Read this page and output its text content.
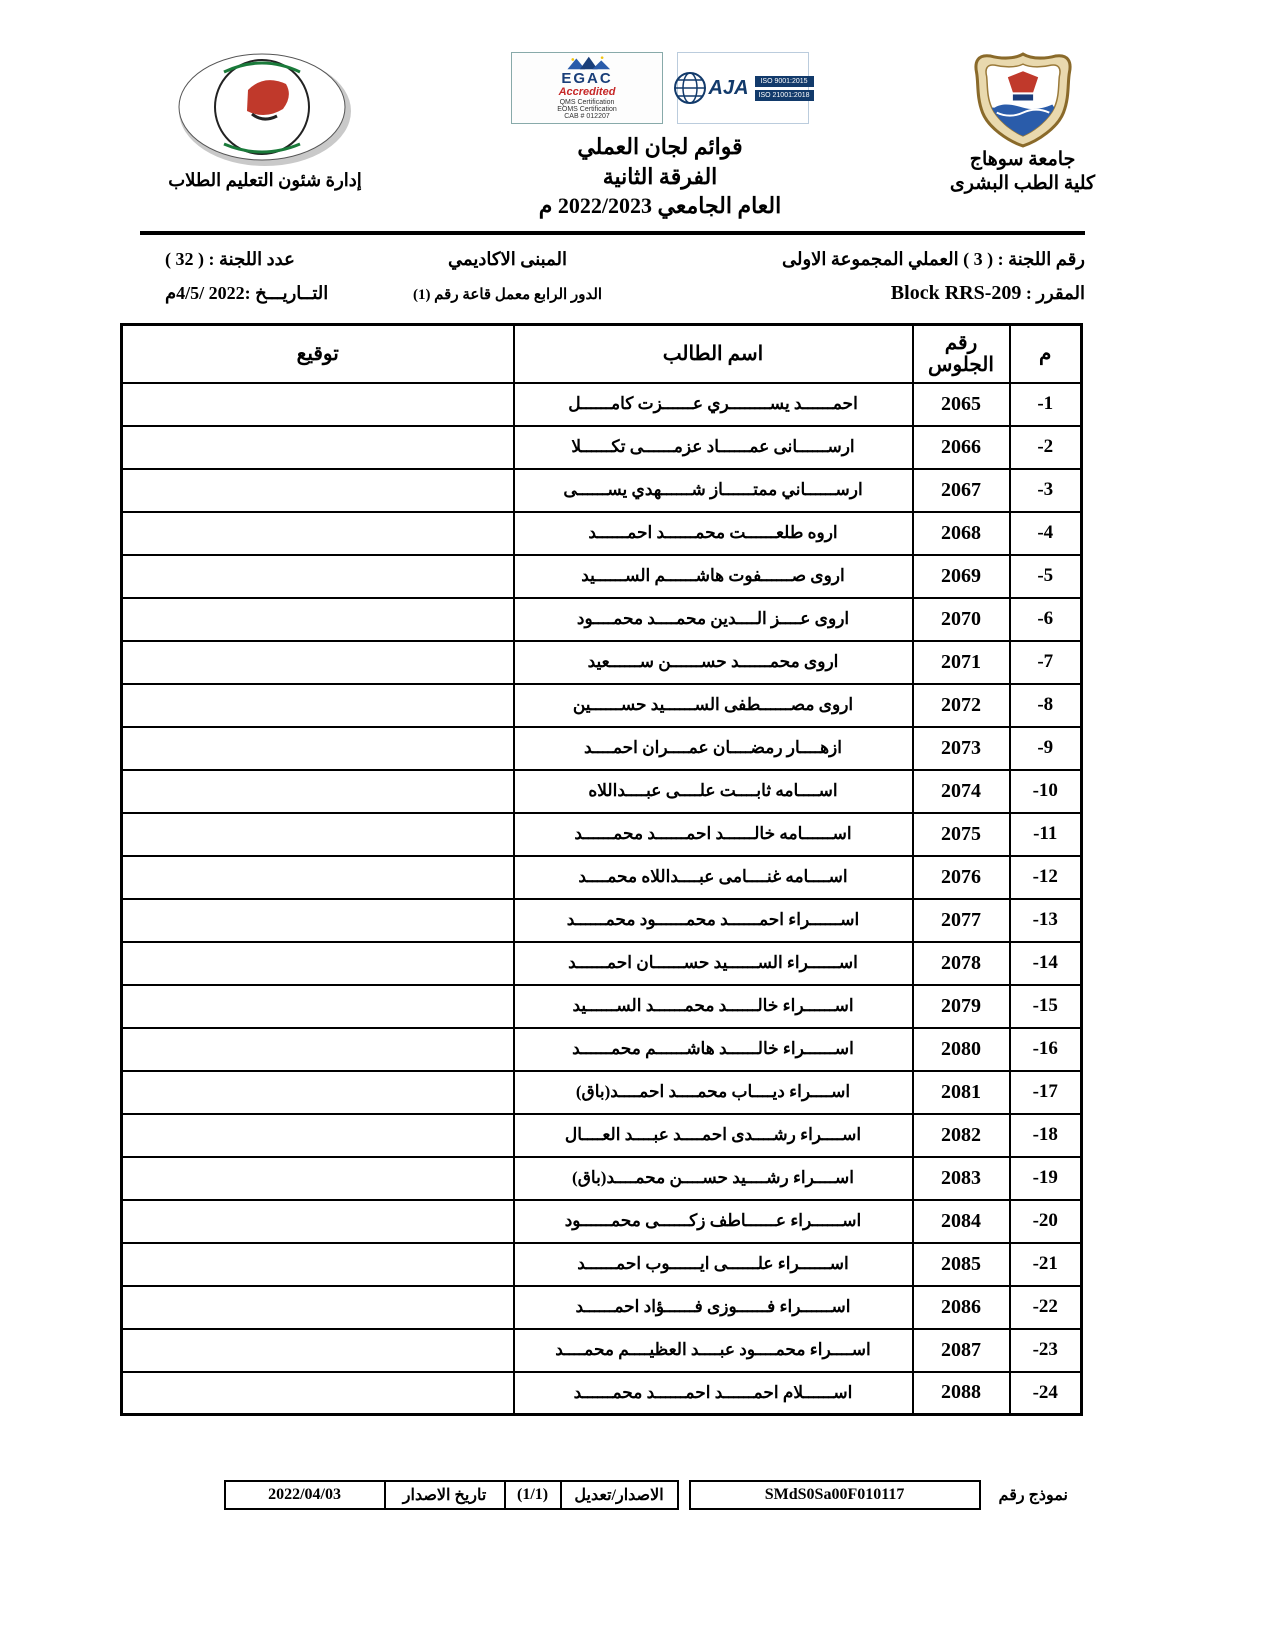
جامعة سوهاج
كلية الطب البشرى
EGAC
Accredited
QMS Certification
EOMS Certification
CAB # 012207
AJA	ISO 9001:2015
ISO 21001:2018
قوائم لجان العملي
الفرقة الثانية
العام الجامعي 2022/2023 م
إدارة شئون التعليم الطلاب
رقم اللجنة : ( 3 ) العملي المجموعة الاولى
المبنى الاكاديمي
عدد اللجنة : ( 32 )
المقرر : Block RRS-209
الدور الرابع معمل قاعة رقم (1)
التــاريـــخ :4/5/ 2022م
م	رقم الجلوس	اسم الطالب	توقيع
-1	2065	احمــــــد يســــــــري عــــــزت كامــــــل	
-2	2066	ارســــــانى عمــــــاد عزمــــــى تكــــــلا	
-3	2067	ارســــــاني ممتــــــاز شــــــهدي يســــــى	
-4	2068	اروه طلعــــــت محمــــــد احمــــــد	
-5	2069	اروى صــــــفوت هاشــــــم الســــــيد	
-6	2070	اروى عــــز الــــدين محمــــد محمــــود	
-7	2071	اروى محمــــــد حســــــن ســــــعيد	
-8	2072	اروى مصــــــطفى الســــــيد حســــــين	
-9	2073	ازهــــار رمضــــان عمــــران احمــــد	
-10	2074	اســــامه ثابــــت علــــى عبــــداللاه	
-11	2075	اســــــامه خالــــــد احمــــــد محمــــــد	
-12	2076	اســــامه غنــــامى عبــــداللاه محمــــد	
-13	2077	اســــــراء احمــــــد محمــــــود محمــــــد	
-14	2078	اســــــراء الســــــيد حســــــان احمــــــد	
-15	2079	اســــــراء خالــــــد محمــــــد الســــــيد	
-16	2080	اســــــراء خالــــــد هاشــــــم محمــــــد	
-17	2081	اســــراء ديــــاب محمــــد احمــــد(باق)	
-18	2082	اســــراء رشــــدى احمــــد عبــــد العــــال	
-19	2083	اســــراء رشــــيد حســــن محمــــد(باق)	
-20	2084	اســــــراء عــــــاطف زكــــــى محمــــــود	
-21	2085	اســــــراء علــــــى ايــــــوب احمــــــد	
-22	2086	اســــــراء فــــــوزى فــــــؤاد احمــــــد	
-23	2087	اســــراء محمــــود عبــــد العظيــــم محمــــد	
-24	2088	اســــــلام احمــــــد احمــــــد محمــــــد	
نموذج رقم
SMdS0Sa00F010117
الاصدار/تعديل
(1/1)
تاريخ الاصدار
2022/04/03
